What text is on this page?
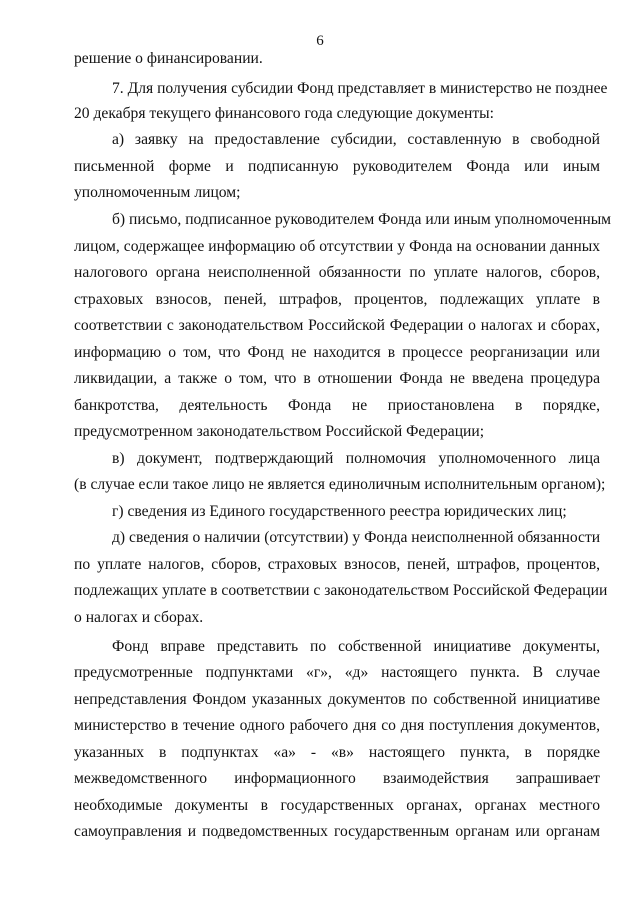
6
решение о финансировании.
7. Для получения субсидии Фонд представляет в министерство не позднее
20 декабря текущего финансового года следующие документы:
а) заявку на предоставление субсидии, составленную в свободной
письменной форме и подписанную руководителем Фонда или иным
уполномоченным лицом;
б) письмо, подписанное руководителем Фонда или иным уполномоченным
лицом, содержащее информацию об отсутствии у Фонда на основании данных
налогового органа неисполненной обязанности по уплате налогов, сборов,
страховых взносов, пеней, штрафов, процентов, подлежащих уплате в
соответствии с законодательством Российской Федерации о налогах и сборах,
информацию о том, что Фонд не находится в процессе реорганизации или
ликвидации, а также о том, что в отношении Фонда не введена процедура
банкротства, деятельность Фонда не приостановлена в порядке,
предусмотренном законодательством Российской Федерации;
в) документ, подтверждающий полномочия уполномоченного лица
(в случае если такое лицо не является единоличным исполнительным органом);
г) сведения из Единого государственного реестра юридических лиц;
д) сведения о наличии (отсутствии) у Фонда неисполненной обязанности
по уплате налогов, сборов, страховых взносов, пеней, штрафов, процентов,
подлежащих уплате в соответствии с законодательством Российской Федерации
о налогах и сборах.
Фонд вправе представить по собственной инициативе документы,
предусмотренные подпунктами «г», «д» настоящего пункта. В случае
непредставления Фондом указанных документов по собственной инициативе
министерство в течение одного рабочего дня со дня поступления документов,
указанных в подпунктах «а» - «в» настоящего пункта, в порядке
межведомственного информационного взаимодействия запрашивает
необходимые документы в государственных органах, органах местного
самоуправления и подведомственных государственным органам или органам
